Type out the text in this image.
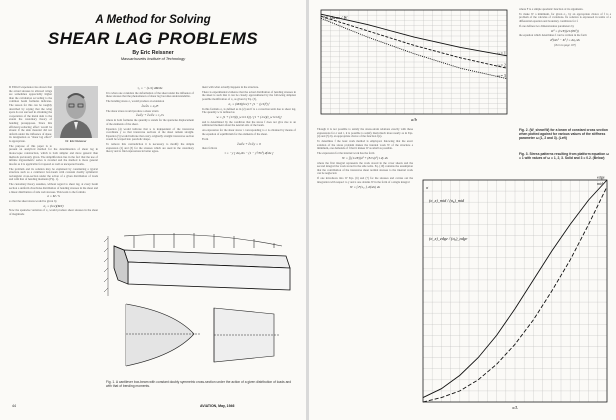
A Method for Solving
SHEAR LAG PROBLEMS
By Eric Reissner
Massachusetts Institute of Technology
Dr. Eric Reissner

D ESIGN experience has shown that the actual stresses in allowed wings are sometimes appreciably higher than the calculation according to the common beam formulas indicates. The reason for this can be roughly described by saying that the wing spars do not succeed in obtaining the cooperation of the metal skin to the extent the customary theory of bending presupposes. Since this efficiency-reducing effect would be absent if the skin material did not deform under the influence of shear, its designation as "shear lag effect" is appropriate.

The purpose of this paper is to present an analytical method for the determination of shear lag in monocoque construction, which is both simpler and more general than methods previously given. The simplification lies in the fact that the use of infinite trigonometric series is avoided and the method is more general insofar as it is applicable for tapered as well as uncapered beams.

The problem and its solution may be explained by considering a typical structure such as a cantilever box-beam with constant doubly symmetric rectangular cross-section under the action of a given distribution of loads and with that of bending moments (Fig. 1).

The customary theory assumes, without regard to shear lag, at every beam section a uniform chordwise distribution of bending stresses in the sheet and a linear distribution of side web stresses. This leads to the formula

σ = M / S

so that the sheet stress would be given by

σ₀ = (h/2)(M/I)

Now the spanwise variation of σ₀ would produce shear stresses in the sheet of magnitude

τ₀ = − (1/2) dM/dx

It is when one considers the deformation of the sheet under the influence of these stresses that the phenomenon of shear lag becomes understandable.

The bending stress σ₀ would produce an extension

∂u/∂x = σ₀/E

The shear stress would produce a shear strain

∂u/∂y + ∂v/∂x = τ₀/G

where in both formulas the quantity u stands for the spanwise displacement of the elements of the sheet.

Equation (4) would indicate that u is independent of the transverse coordinate y so that transverse sections of the sheet remain straight. Equation (5) would indicate that every originally straight transverse section would be warped into parabolic shape.

To remove this contradiction it is necessary to modify the simple expression (2) and (3) for the stresses which are used in the customary theory and to find expressions in better agree-

ment with what actually happens in the structure.

There is experimental evidence that the actual distribution of bending stresses in the sheet is such that it can be closely approximated by the following simplest possible modification of σ₀ as given by Eq. (3),

σ₀ = (M/I)(h/2) + [1 − (y/b)²] f

In this formula σ₀ is defined as in (2) and f is a correction term due to shear lag. The quantity w is defined as

w = [1 + (1/3)(t_w h/t b)] / [1 + (1/2)(t_w h/t b)]

and is determined by the condition that the stress f does not give rise to an additional moment about the neutral axis of the beam.

An expression for the shear stress τ corresponding to σ is obtained by means of the equation of equilibrium for the elements of the sheet.

From

∂σ/∂x + ∂τ/∂y = 0

there follows

τ = −y [ dσ₀/dx − (1 − y²/3b²) df/dx ]
Fig. 1. A cantilever box-beam with constant doubly symmetric cross-section under the action of a given distribution of loads and with that of bending moments.
44	AVIATION, May, 1946
ω = 1
ω = 2
ω = 3
W_shear / W
a/b

Though it is not possible to satisfy the stress-strain relations exactly with these expressions for σ and τ, it is possible to satisfy them much more nearly as in Eqs. (4) and (5) by an appropriate choice of the function f(x).

To determine f the least work method is employed. Knowing that the exact solution of the stress problem makes the internal work W of the structure a minimum, one demands of f that it makes W as small as possible.

The expression for the internal work has the form

W = ∫∫ (1/2E)(σ² + (E/G)τ²) t dy dx

where the first integral represents the work stored in the cover sheets and the second integral the work stored in the side webs. Eq. (10) contains the assumption that the contribution of the transverse sheet normal stresses to the internal work can be neglected.

If one introduces into W Eqs. (6) and (7) for the stresses and carries out the integration with respect to y and z one obtains W in the form of a single integral

W = ∫ F(x₀, f, df/dx) dx

where F is a simple quadratic function of its arguments.

To make W a minimum, for given σ₀, by an appropriate choice of f is a problem of the calculus of variations. Its solution is expressed in terms of a differential equation and boundary conditions for f.

If one defines two dimensionless parameters by

K² = (G/E)(21/(8b²))

the equation which determines f can be written in the form

d²f/dx² − K² f = dσ₀/dx

(Turn to page 107)

Fig. 2. (W_shear/W) for a beam of constant cross section when plotted against for various values of the stiffness parameter ω (1, 2 and 3). (Left)
Fig. 3. Stress patterns resulting from platform equation ω = 1 with values of ω = 1, 2, 3. Solid and 3 = 0.2. (Below)
edge
mid
σ
x/L
(σ_x)_mid / (σ₀)_mid
(σ_x)_edge / (σ₀)_edge
